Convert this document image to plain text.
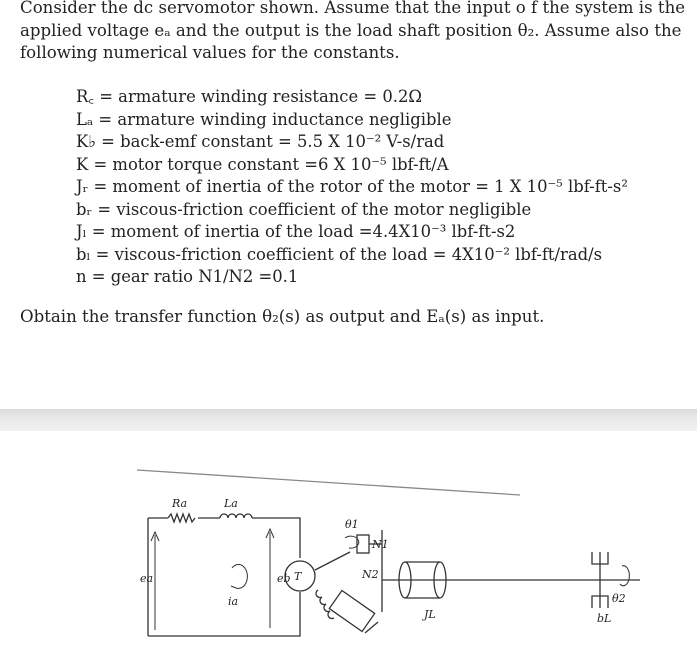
Consider the dc servomotor shown. Assume that the input o f the system is the applied voltage eₐ and the output is the load shaft position θ₂. Assume also the following numerical values for the constants.

R꜀ = armature winding resistance = 0.2Ω
Lₐ = armature winding inductance negligible
K♭ = back-emf constant = 5.5 X 10⁻² V-s/rad
K = motor torque constant =6 X 10⁻⁵ lbf-ft/A
Jᵣ = moment of inertia of the rotor of the motor = 1 X 10⁻⁵ lbf-ft-s²
bᵣ = viscous-friction coefficient of the motor negligible
Jₗ = moment of inertia of the load =4.4X10⁻³ lbf-ft-s2
bₗ = viscous-friction coefficient of the load = 4X10⁻² lbf-ft/rad/s
n = gear ratio N1/N2 =0.1
Obtain the transfer function θ₂(s) as output and Eₐ(s) as input.
Ra	La
ea	eb
ia
T
θ1
N1
N2
JL	bL
θ2
